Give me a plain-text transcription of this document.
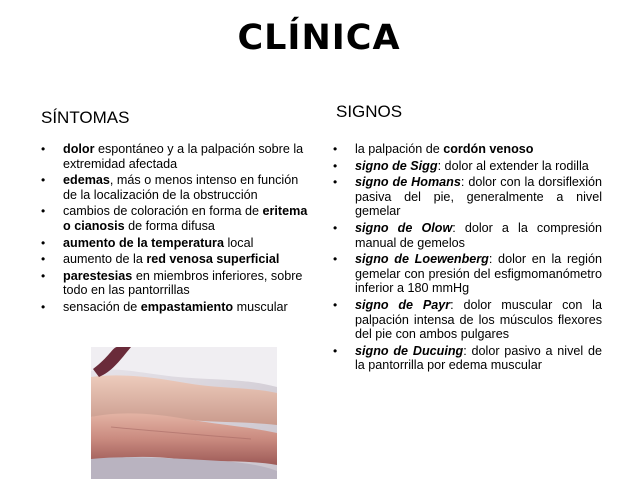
CLÍNICA
SÍNTOMAS	SIGNOS
• dolor espontáneo y a la palpación sobre la extremidad afectada
• edemas, más o menos intenso en función de la localización de la obstrucción
• cambios de coloración en forma de eritema o cianosis de forma difusa
• aumento de la temperatura local
• aumento de la red venosa superficial
• parestesias en miembros inferiores, sobre todo en las pantorrillas
• sensación de empastamiento muscular
• la palpación de cordón venoso
• signo de Sigg: dolor al extender la rodilla
• signo de Homans: dolor con la dorsiflexión pasiva del pie, generalmente a nivel gemelar
• signo de Olow: dolor a la compresión manual de gemelos
• signo de Loewenberg: dolor en la región gemelar con presión del esfigmomanómetro inferior a 180 mmHg
• signo de Payr: dolor muscular con la palpación intensa de los músculos flexores del pie con ambos pulgares
• signo de Ducuing: dolor pasivo a nivel de la pantorrilla por edema muscular
